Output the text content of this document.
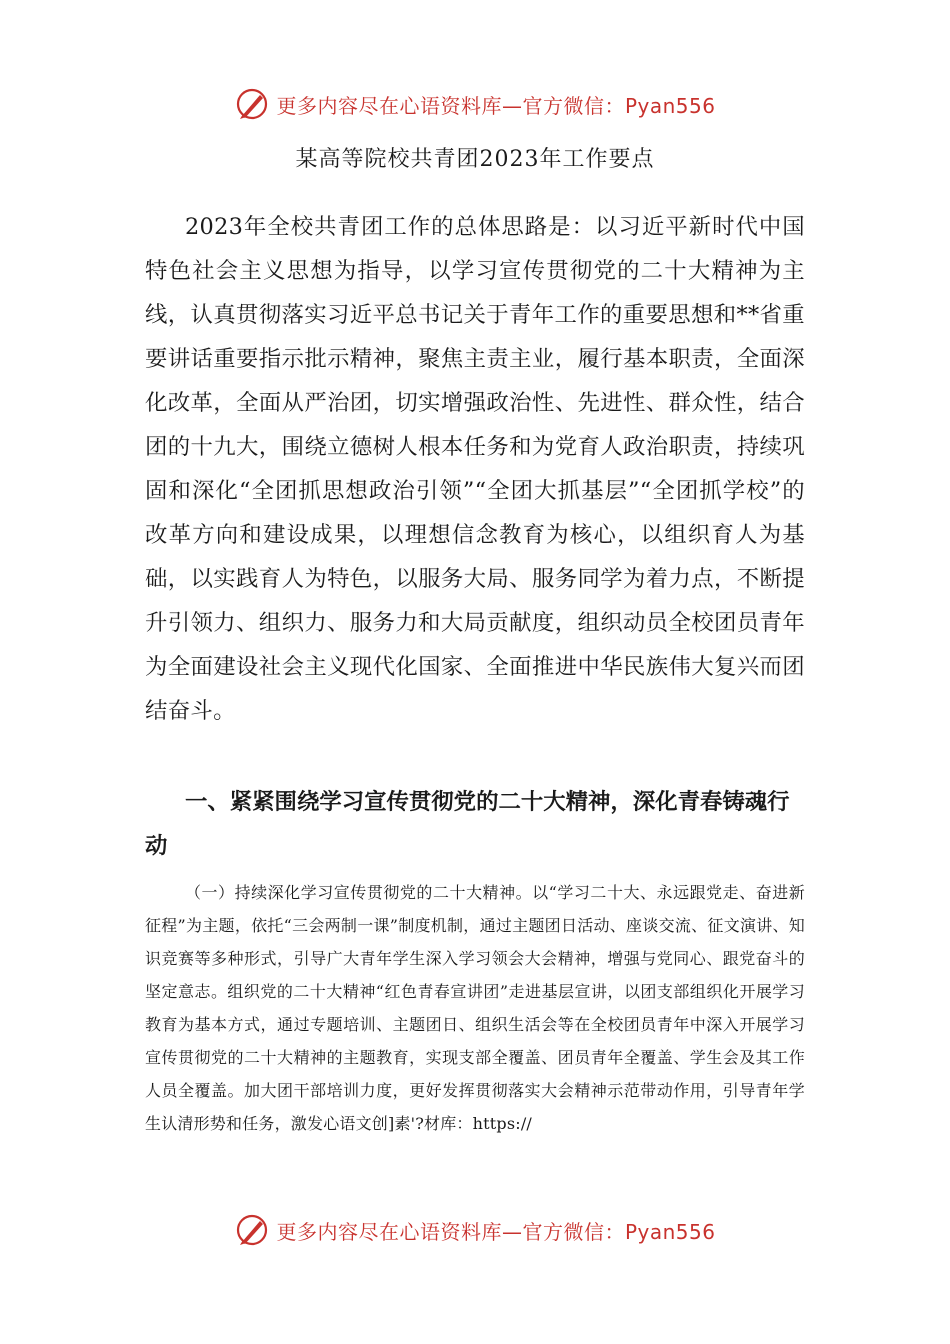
更多内容尽在心语资料库—官方微信：Pyan556
某高等院校共青团2023年工作要点

2023年全校共青团工作的总体思路是：以习近平新时代中国特色社会主义思想为指导，以学习宣传贯彻党的二十大精神为主线，认真贯彻落实习近平总书记关于青年工作的重要思想和**省重要讲话重要指示批示精神，聚焦主责主业，履行基本职责，全面深化改革，全面从严治团，切实增强政治性、先进性、群众性，结合团的十九大，围绕立德树人根本任务和为党育人政治职责，持续巩固和深化“全团抓思想政治引领”“全团大抓基层”“全团抓学校”的改革方向和建设成果，以理想信念教育为核心，以组织育人为基础，以实践育人为特色，以服务大局、服务同学为着力点，不断提升引领力、组织力、服务力和大局贡献度，组织动员全校团员青年为全面建设社会主义现代化国家、全面推进中华民族伟大复兴而团结奋斗。

一、紧紧围绕学习宣传贯彻党的二十大精神，深化青春铸魂行动

（一）持续深化学习宣传贯彻党的二十大精神。以“学习二十大、永远跟党走、奋进新征程”为主题，依托“三会两制一课”制度机制，通过主题团日活动、座谈交流、征文演讲、知识竞赛等多种形式，引导广大青年学生深入学习领会大会精神，增强与党同心、跟党奋斗的坚定意志。组织党的二十大精神“红色青春宣讲团”走进基层宣讲，以团支部组织化开展学习教育为基本方式，通过专题培训、主题团日、组织生活会等在全校团员青年中深入开展学习宣传贯彻党的二十大精神的主题教育，实现支部全覆盖、团员青年全覆盖、学生会及其工作人员全覆盖。加大团干部培训力度，更好发挥贯彻落实大会精神示范带动作用，引导青年学生认清形势和任务，激发心语文创]素'?材库：https://

更多内容尽在心语资料库—官方微信：Pyan556
